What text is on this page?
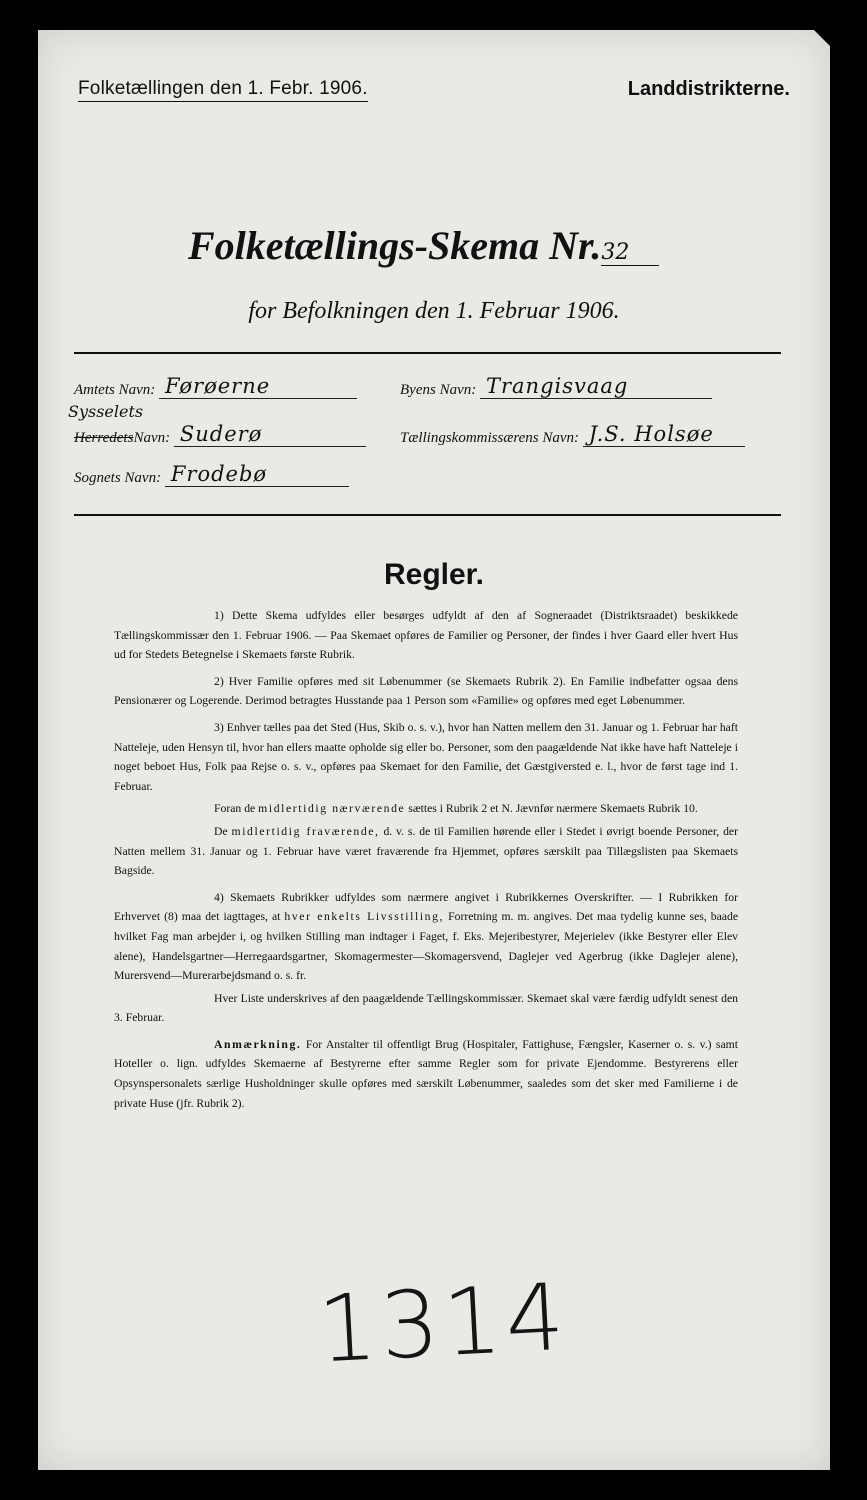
Folketællingen den 1. Febr. 1906.	Landdistrikterne.
Folketællings-Skema Nr.32
for Befolkningen den 1. Februar 1906.
Amtets Navn: Førøerne
Sysselets
HerredetsNavn: Suderø
Sognets Navn: Frodebø
Byens Navn: Trangisvaag
Tællingskommissærens Navn: J.S. Holsøe
Regler.

1) Dette Skema udfyldes eller besørges udfyldt af den af Sogneraadet (Distriktsraadet) beskikkede Tællingskommissær den 1. Februar 1906. — Paa Skemaet opføres de Familier og Personer, der findes i hver Gaard eller hvert Hus ud for Stedets Betegnelse i Skemaets første Rubrik.

2) Hver Familie opføres med sit Løbenummer (se Skemaets Rubrik 2). En Familie indbefatter ogsaa dens Pensionærer og Logerende. Derimod betragtes Husstande paa 1 Person som «Familie» og opføres med eget Løbenummer.

3) Enhver tælles paa det Sted (Hus, Skib o. s. v.), hvor han Natten mellem den 31. Januar og 1. Februar har haft Natteleje, uden Hensyn til, hvor han ellers maatte opholde sig eller bo. Personer, som den paagældende Nat ikke have haft Natteleje i noget beboet Hus, Folk paa Rejse o. s. v., opføres paa Skemaet for den Familie, det Gæstgiversted e. l., hvor de først tage ind 1. Februar.

Foran de midlertidig nærværende sættes i Rubrik 2 et N. Jævnfør nærmere Skemaets Rubrik 10.

De midlertidig fraværende, d. v. s. de til Familien hørende eller i Stedet i øvrigt boende Personer, der Natten mellem 31. Januar og 1. Februar have været fraværende fra Hjemmet, opføres særskilt paa Tillægslisten paa Skemaets Bagside.

4) Skemaets Rubrikker udfyldes som nærmere angivet i Rubrikkernes Overskrifter. — I Rubrikken for Erhvervet (8) maa det iagttages, at hver enkelts Livsstilling, Forretning m. m. angives. Det maa tydelig kunne ses, baade hvilket Fag man arbejder i, og hvilken Stilling man indtager i Faget, f. Eks. Mejeribestyrer, Mejerielev (ikke Bestyrer eller Elev alene), Handelsgartner—Herregaardsgartner, Skomagermester—Skomagersvend, Daglejer ved Agerbrug (ikke Daglejer alene), Murersvend—Murerarbejdsmand o. s. fr.

Hver Liste underskrives af den paagældende Tællingskommissær. Skemaet skal være færdig udfyldt senest den 3. Februar.

Anmærkning. For Anstalter til offentligt Brug (Hospitaler, Fattighuse, Fængsler, Kaserner o. s. v.) samt Hoteller o. lign. udfyldes Skemaerne af Bestyrerne efter samme Regler som for private Ejendomme. Bestyrerens eller Opsynspersonalets særlige Husholdninger skulle opføres med særskilt Løbenummer, saaledes som det sker med Familierne i de private Huse (jfr. Rubrik 2).

1314
